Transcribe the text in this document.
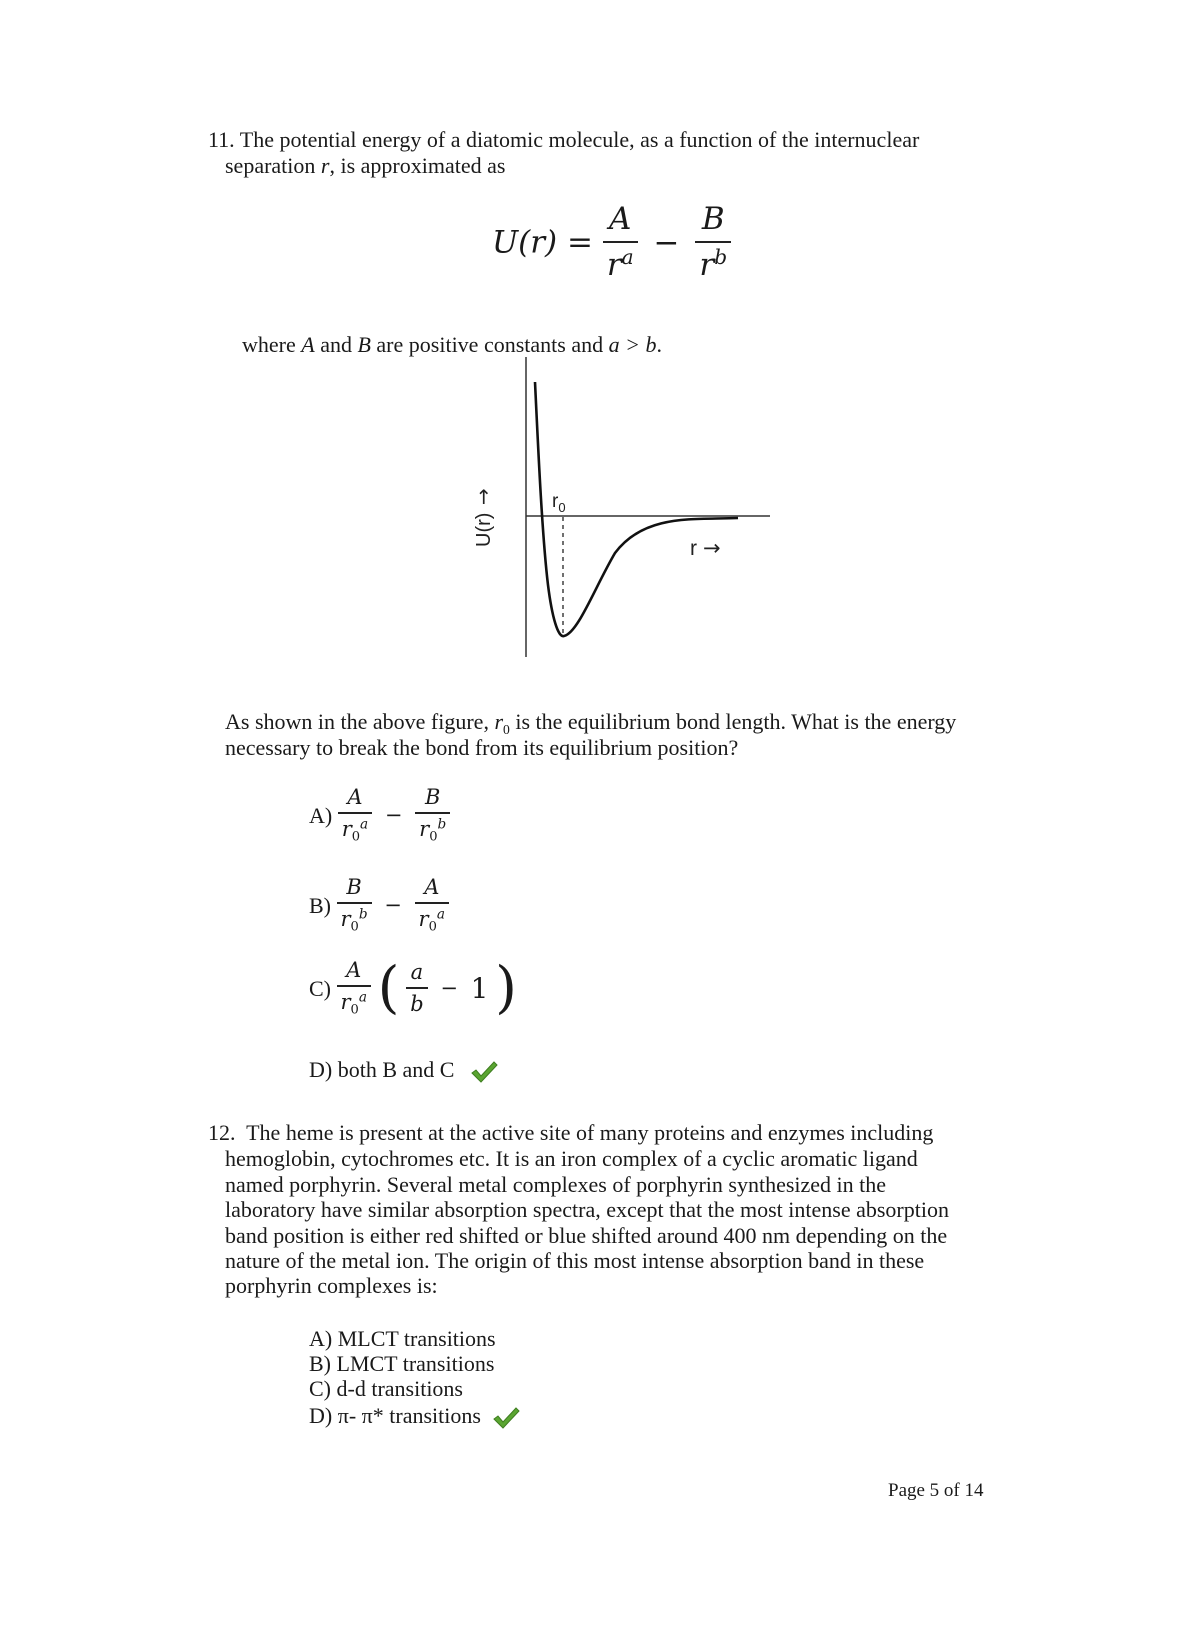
11. The potential energy of a diatomic molecule, as a function of the internuclear

separation r, is approximated as

$U(r) = \frac{A}{r^a} - \frac{B}{r^b}$

where A and B are positive constants and a > b.

$r_0$
r →
U(r)
→

As shown in the above figure, $r_0$ is the equilibrium bond length. What is the energy

necessary to break the bond from its equilibrium position?

$A) \frac{A}{r_0^a} - \frac{B}{r_0^b}$
$B) \frac{B}{r_0^b} - \frac{A}{r_0^a}$
$C) \frac{A}{r_0^a}$ ( $\frac{a}{b} - 1$ )

D) both B and C

12. The heme is present at the active site of many proteins and enzymes including

hemoglobin, cytochromes etc. It is an iron complex of a cyclic aromatic ligand

named porphyrin. Several metal complexes of porphyrin synthesized in the

laboratory have similar absorption spectra, except that the most intense absorption

band position is either red shifted or blue shifted around 400 nm depending on the

nature of the metal ion. The origin of this most intense absorption band in these

porphyrin complexes is:

A) MLCT transitions

B) LMCT transitions

C) d-d transitions

D) π- π* transitions

Page 5 of 14
